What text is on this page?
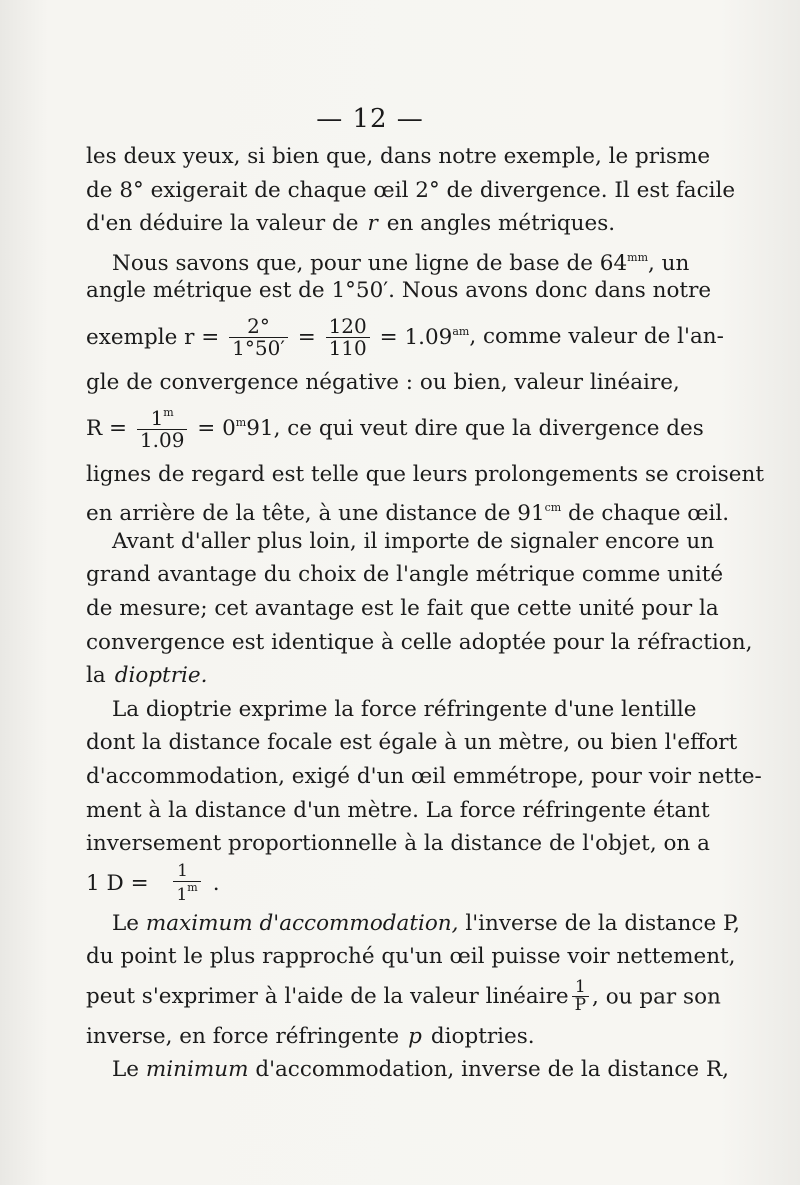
— 12 —
les deux yeux, si bien que, dans notre exemple, le prisme
de 8° exigerait de chaque œil 2° de divergence. Il est facile
d'en déduire la valeur de r en angles métriques.
Nous savons que, pour une ligne de base de $64^{mm}$, un
angle métrique est de 1°50′. Nous avons donc dans notre
exemple $r = \frac{2^\circ}{1^\circ 50'} = \frac{120}{110} = 1.09^{am}$ , comme valeur de l'an-
gle de convergence négative : ou bien, valeur linéaire,
$R = \frac{1^m}{1.09} = 0^m91$ , ce qui veut dire que la divergence des
lignes de regard est telle que leurs prolongements se croisent
en arrière de la tête, à une distance de $91^{cm}$ de chaque œil.
Avant d'aller plus loin, il importe de signaler encore un
grand avantage du choix de l'angle métrique comme unité
de mesure; cet avantage est le fait que cette unité pour la
convergence est identique à celle adoptée pour la réfraction,
la dioptrie.
La dioptrie exprime la force réfringente d'une lentille
dont la distance focale est égale à un mètre, ou bien l'effort
d'accommodation, exigé d'un œil emmétrope, pour voir nette-
ment à la distance d'un mètre. La force réfringente étant
inversement proportionnelle à la distance de l'objet, on a
1 $D = \frac{1}{1^m}$ .
Le maximum d'accommodation, l'inverse de la distance P,
du point le plus rapproché qu'un œil puisse voir nettement,
peut s'exprimer à l'aide de la valeur linéaire $\frac{1}{P}$ , ou par son
inverse, en force réfringente p dioptries.
Le minimum d'accommodation, inverse de la distance R,
